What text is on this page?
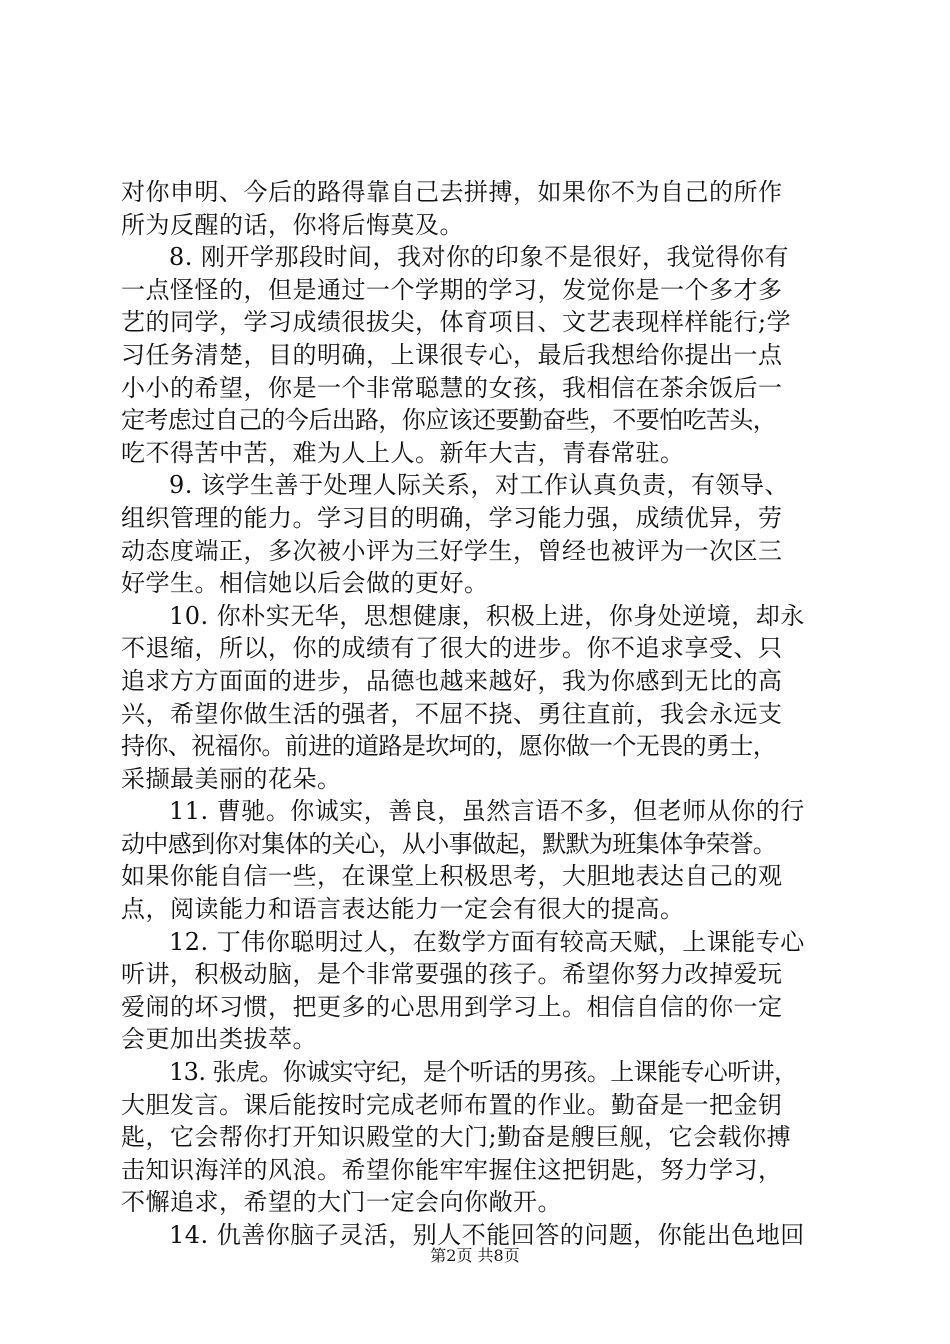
对你申明、今后的路得靠自己去拼搏，如果你不为自己的所作
所为反醒的话，你将后悔莫及。
8. 刚开学那段时间，我对你的印象不是很好，我觉得你有
一点怪怪的，但是通过一个学期的学习，发觉你是一个多才多
艺的同学，学习成绩很拔尖，体育项目、文艺表现样样能行;学
习任务清楚，目的明确，上课很专心，最后我想给你提出一点
小小的希望，你是一个非常聪慧的女孩，我相信在茶余饭后一
定考虑过自己的今后出路，你应该还要勤奋些，不要怕吃苦头，
吃不得苦中苦，难为人上人。新年大吉，青春常驻。
9. 该学生善于处理人际关系，对工作认真负责，有领导、
组织管理的能力。学习目的明确，学习能力强，成绩优异，劳
动态度端正，多次被小评为三好学生，曾经也被评为一次区三
好学生。相信她以后会做的更好。
10. 你朴实无华，思想健康，积极上进，你身处逆境，却永
不退缩，所以，你的成绩有了很大的进步。你不追求享受、只
追求方方面面的进步，品德也越来越好，我为你感到无比的高
兴，希望你做生活的强者，不屈不挠、勇往直前，我会永远支
持你、祝福你。前进的道路是坎坷的，愿你做一个无畏的勇士，
采撷最美丽的花朵。
11. 曹驰。你诚实，善良，虽然言语不多，但老师从你的行
动中感到你对集体的关心，从小事做起，默默为班集体争荣誉。
如果你能自信一些，在课堂上积极思考，大胆地表达自己的观
点，阅读能力和语言表达能力一定会有很大的提高。
12. 丁伟你聪明过人，在数学方面有较高天赋，上课能专心
听讲，积极动脑，是个非常要强的孩子。希望你努力改掉爱玩
爱闹的坏习惯，把更多的心思用到学习上。相信自信的你一定
会更加出类拔萃。
13. 张虎。你诚实守纪，是个听话的男孩。上课能专心听讲，
大胆发言。课后能按时完成老师布置的作业。勤奋是一把金钥
匙，它会帮你打开知识殿堂的大门;勤奋是艘巨舰，它会载你搏
击知识海洋的风浪。希望你能牢牢握住这把钥匙，努力学习，
不懈追求，希望的大门一定会向你敞开。
14. 仇善你脑子灵活，别人不能回答的问题，你能出色地回
第2页 共8页
